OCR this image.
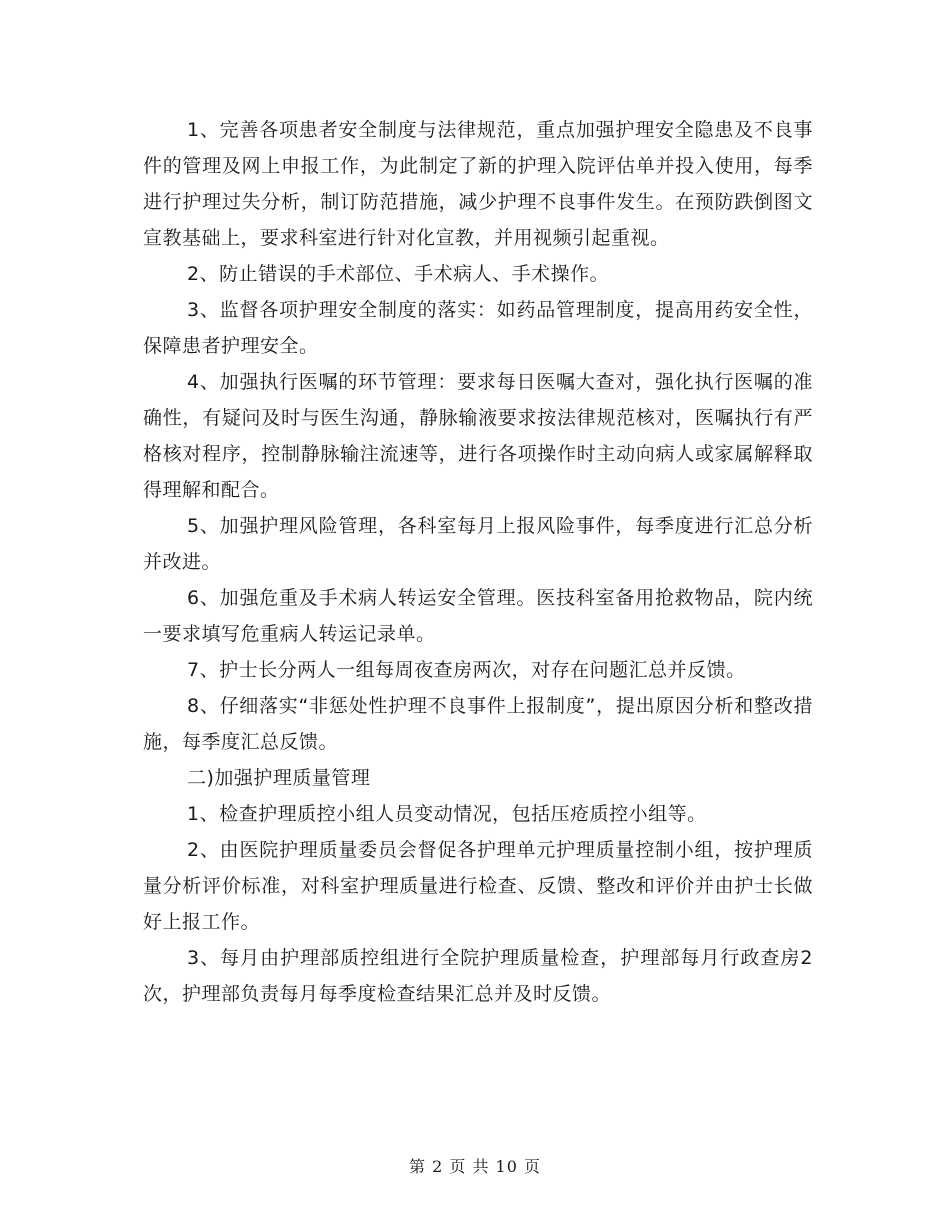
1、完善各项患者安全制度与法律规范，重点加强护理安全隐患及不良事件的管理及网上申报工作，为此制定了新的护理入院评估单并投入使用，每季进行护理过失分析，制订防范措施，减少护理不良事件发生。在预防跌倒图文宣教基础上，要求科室进行针对化宣教，并用视频引起重视。

2、防止错误的手术部位、手术病人、手术操作。

3、监督各项护理安全制度的落实：如药品管理制度，提高用药安全性，保障患者护理安全。

4、加强执行医嘱的环节管理：要求每日医嘱大查对，强化执行医嘱的准确性，有疑问及时与医生沟通，静脉输液要求按法律规范核对，医嘱执行有严格核对程序，控制静脉输注流速等，进行各项操作时主动向病人或家属解释取得理解和配合。

5、加强护理风险管理，各科室每月上报风险事件，每季度进行汇总分析并改进。

6、加强危重及手术病人转运安全管理。医技科室备用抢救物品，院内统一要求填写危重病人转运记录单。

7、护士长分两人一组每周夜查房两次，对存在问题汇总并反馈。

8、仔细落实“非惩处性护理不良事件上报制度”，提出原因分析和整改措施，每季度汇总反馈。

二)加强护理质量管理

1、检查护理质控小组人员变动情况，包括压疮质控小组等。

2、由医院护理质量委员会督促各护理单元护理质量控制小组，按护理质量分析评价标准，对科室护理质量进行检查、反馈、整改和评价并由护士长做好上报工作。

3、每月由护理部质控组进行全院护理质量检查，护理部每月行政查房2次，护理部负责每月每季度检查结果汇总并及时反馈。

第 2 页 共 10 页
